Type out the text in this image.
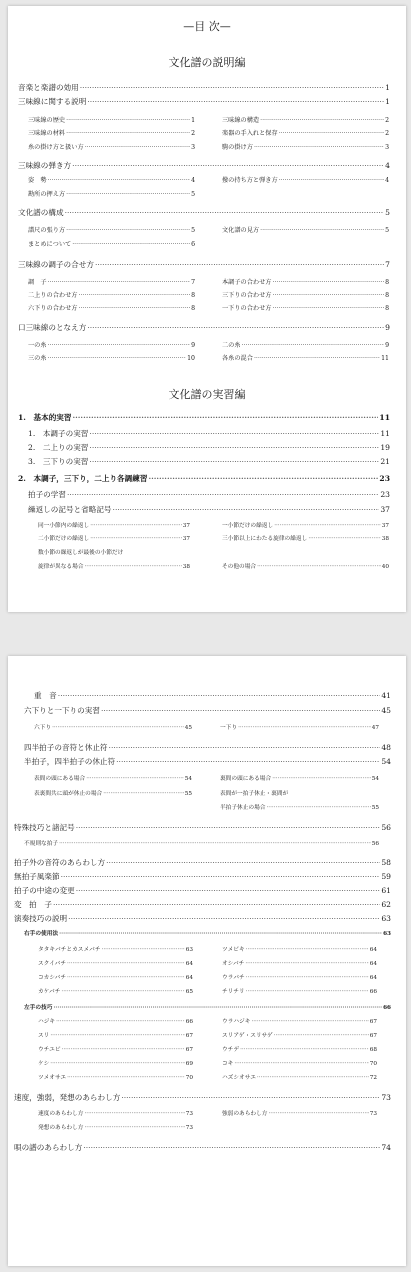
—目 次—
文化譜の説明編
文化譜の実習編
音楽と楽譜の効用 ·····	1
三味線に関する説明 ·····	1
三味線の歴史 ·····	1	三味線の構造 ·····	2
三味線の材料 ·····	2	楽器の手入れと保存 ·····	2
糸の掛け方と扱い方 ·····	3	駒の掛け方 ·····	3
三味線の弾き方 ·····	4
姿　勢 ·····	4	撥の持ち方と弾き方 ·····	4
勘所の押え方 ·····	5
文化譜の構成 ·····	5
譜尺の張り方 ·····	5	文化譜の見方 ·····	5
まとめについて ·····	6
三味線の調子の合せ方 ·····	7
調　子 ·····	7	本調子の合わせ方 ·····	8
二上りの合わせ方 ·····	8	三下りの合わせ方 ·····	8
六下りの合わせ方 ·····	8	一下りの合わせ方 ·····	8
口三味線のとなえ方 ·····	9
一の糸 ·····	9	二の糸 ·····	9
三の糸 ·····	10	各糸の混合 ·····	11
1.　基本的実習 ·····	11
1.　本調子の実習 ·····	11
2.　二上りの実習 ·····	19
3.　三下りの実習 ·····	21
2.　本調子，三下り，二上り各調練習 ·····	23
拍子の学習 ·····	23
繰返しの記号と省略記号 ·····	37
同一小節内の繰返し ·····	37	一小節だけの繰返し ·····	37
二小節だけの繰返し ·····	37	三小節以上にわたる旋律の繰返し ·····	38
数小節の繰返しが最後の小節だけ
旋律が異なる場合 ·····	38	その他の場合 ·····	40
重　音 ·····	41
六下りと一下りの実習 ·····	45
六下り ·····	45	一下り ·····	47
四半拍子の音符と休止符 ·····	48
半拍子，四半拍子の休止符 ·····	54
表間の頭にある場合 ·····	54	裏間の頭にある場合 ·····	54
表裏間共に頭が休止の場合 ·····	55	表間が一拍子休止・裏間が
半拍子休止の場合 ·····	55
特殊技巧と諸記号 ·····	56
不規則な拍子 ·····	56
拍子外の音符のあらわし方 ·····	58
無拍子風楽節 ·····	59
拍子の中途の変更 ·····	61
変　拍　子 ·····	62
演奏技巧の説明 ·····	63
右手の使用法 ·····	63
タタキバチとカスメバチ ·····	63	ツメビキ ·····	64
スクイバチ ·····	64	オシバチ ·····	64
コカシバチ ·····	64	ウラバチ ·····	64
カケバチ ·····	65	チリチリ ·····	66
左手の技巧 ·····	66
ハジキ ·····	66	ウラハジキ ·····	67
スリ ·····	67	スリアゲ・スリサゲ ·····	67
ウチユビ ·····	67	ウチデ ·····	68
ケシ ·····	69	コキ ·····	70
ツメオサエ ·····	70	ハズシオサエ ·····	72
速度，強弱，発想のあらわし方 ·····	73
速度のあらわし方 ·····	73	強弱のあらわし方 ·····	73
発想のあらわし方 ·····	73
唄の譜のあらわし方 ·····	74
